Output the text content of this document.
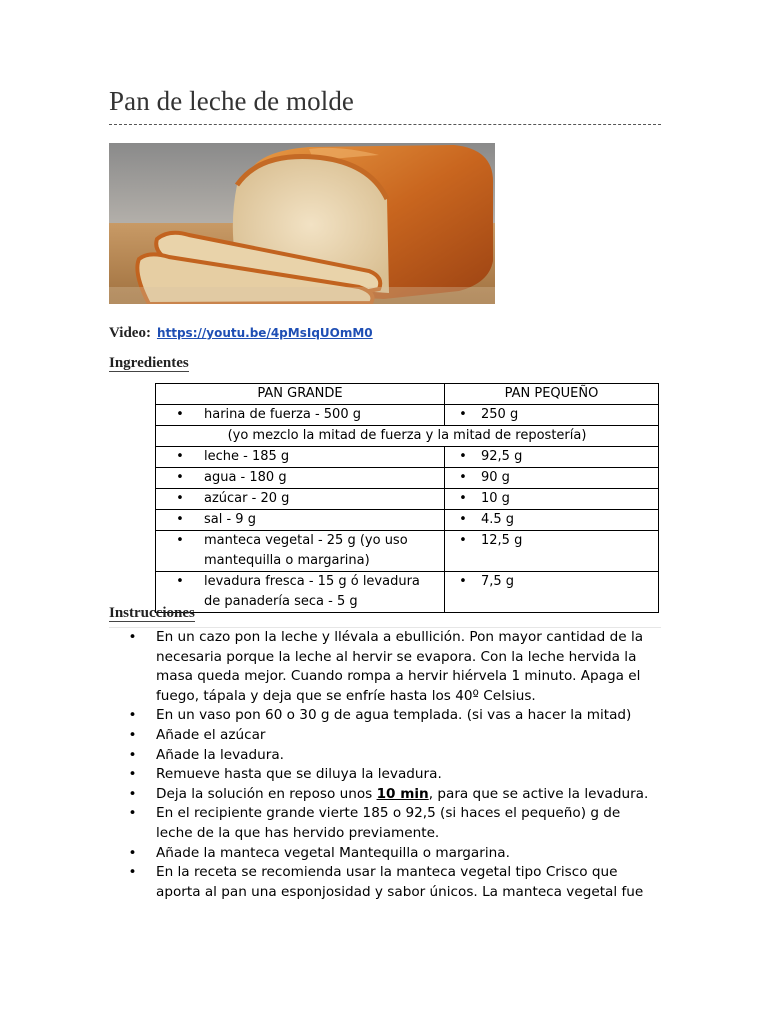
Pan de leche de molde
Video: https://youtu.be/4pMsIqUOmM0
Ingredientes
PAN GRANDE	PAN PEQUEÑO

• harina de fuerza - 500 g	• 250 g

(yo mezclo la mitad de fuerza y la mitad de repostería)	

• leche - 185 g	• 92,5 g

• agua - 180 g	• 90 g

• azúcar - 20 g	• 10 g

• sal - 9 g	• 4.5 g

• manteca vegetal - 25 g (yo uso mantequilla o margarina)	• 12,5 g

• levadura fresca - 15 g ó levadura de panadería seca - 5 g	• 7,5 g
Instrucciones
•	En un cazo pon la leche y llévala a ebullición. Pon mayor cantidad de la necesaria porque la leche al hervir se evapora. Con la leche hervida la masa queda mejor. Cuando rompa a hervir hiérvela 1 minuto. Apaga el fuego, tápala y deja que se enfríe hasta los 40º Celsius.
•	En un vaso pon 60 o 30 g de agua templada. (si vas a hacer la mitad)
•	Añade el azúcar
•	Añade la levadura.
•	Remueve hasta que se diluya la levadura.
•	Deja la solución en reposo unos 10 min, para que se active la levadura.
•	En el recipiente grande vierte 185 o 92,5 (si haces el pequeño) g de leche de la que has hervido previamente.
•	Añade la manteca vegetal Mantequilla o margarina.
•	En la receta se recomienda usar la manteca vegetal tipo Crisco que aporta al pan una esponjosidad y sabor únicos. La manteca vegetal fue
